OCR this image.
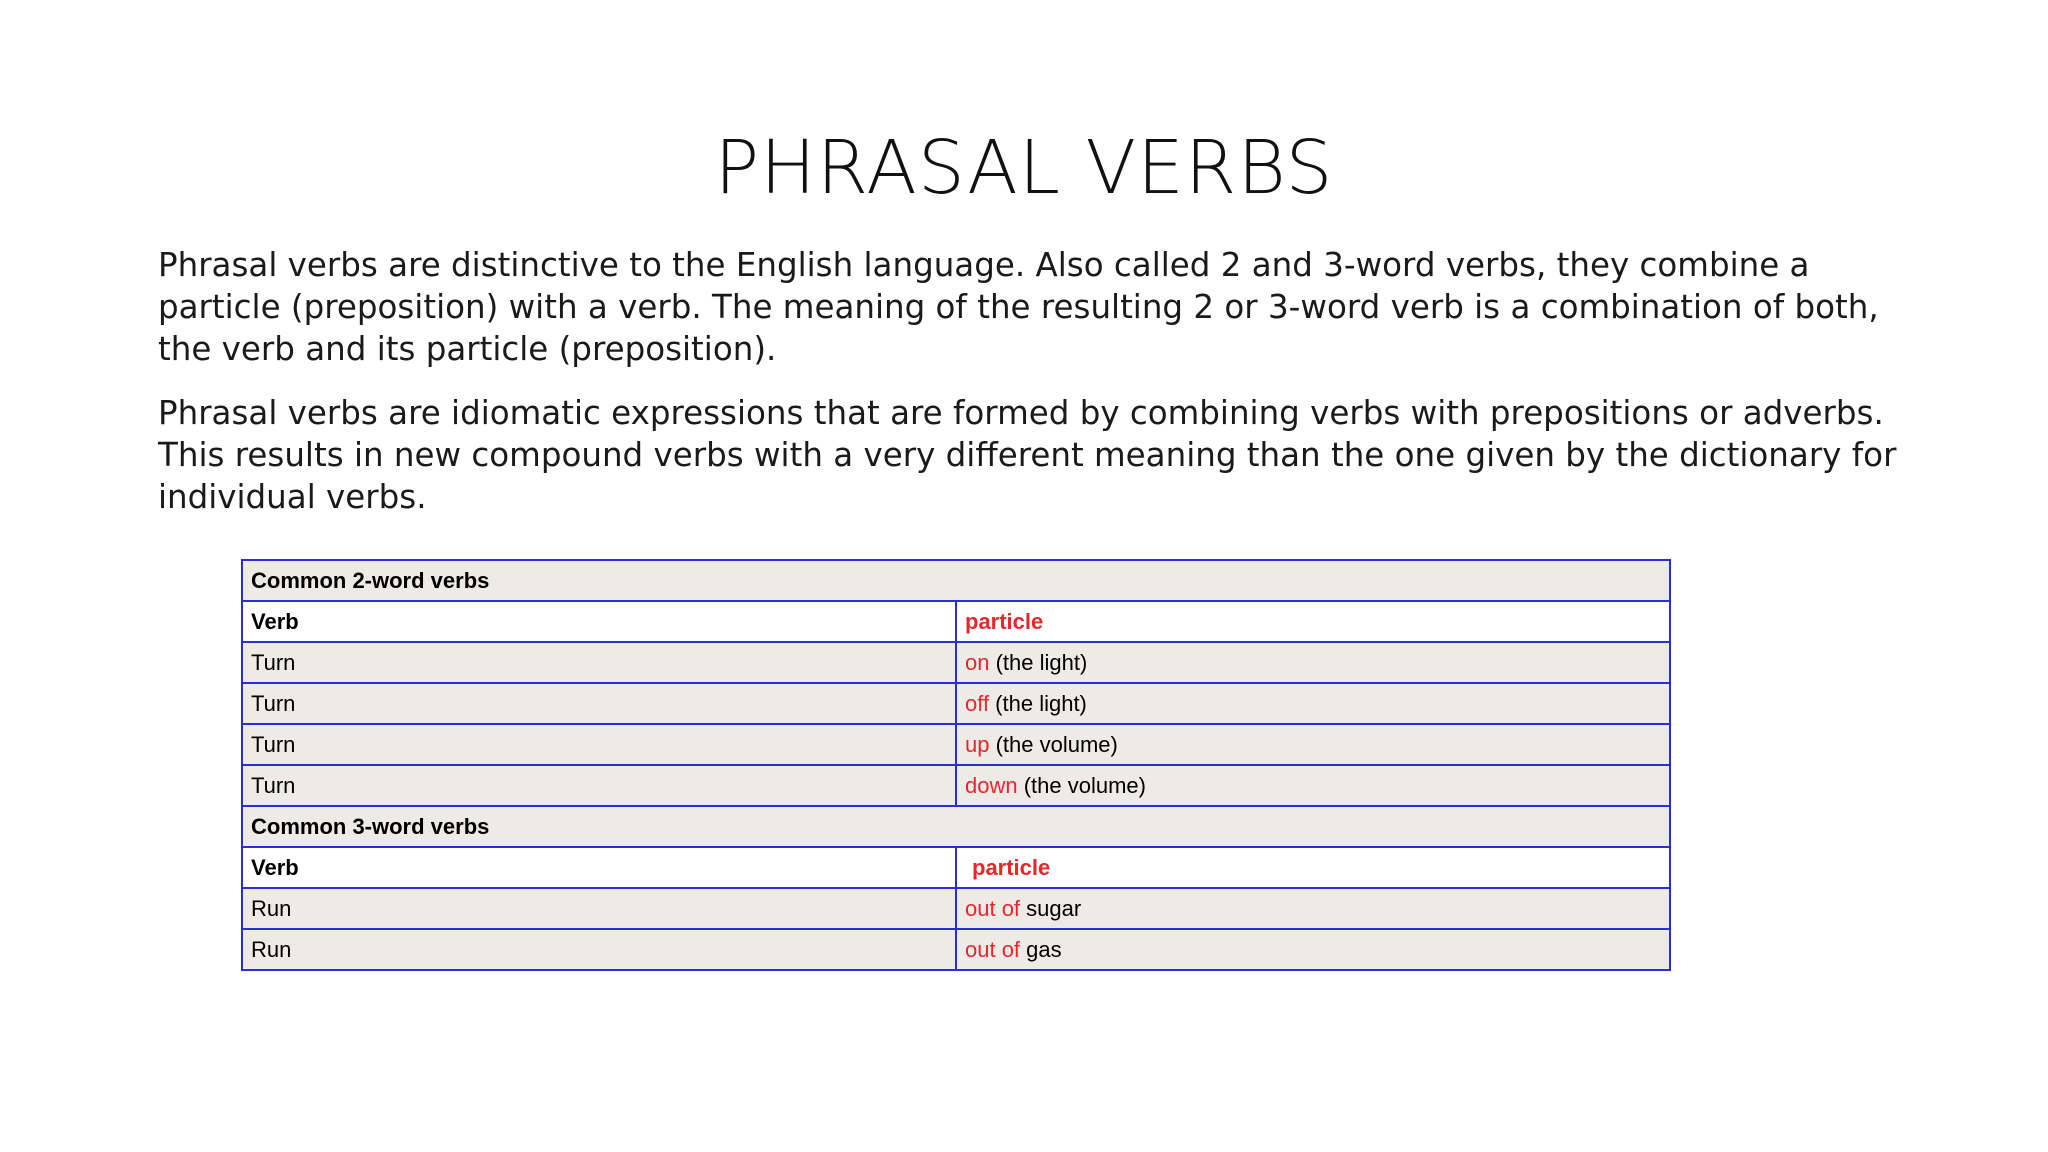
PHRASAL VERBS

Phrasal verbs are distinctive to the English language. Also called 2 and 3-word verbs, they combine a particle (preposition) with a verb. The meaning of the resulting 2 or 3-word verb is a combination of both, the verb and its particle (preposition).

Phrasal verbs are idiomatic expressions that are formed by combining verbs with prepositions or adverbs. This results in new compound verbs with a very different meaning than the one given by the dictionary for individual verbs.

Common 2-word verbs	
Verb	particle
Turn	on (the light)
Turn	off (the light)
Turn	up (the volume)
Turn	down (the volume)
Common 3-word verbs	
Verb	particle
Run	out of sugar
Run	out of gas
